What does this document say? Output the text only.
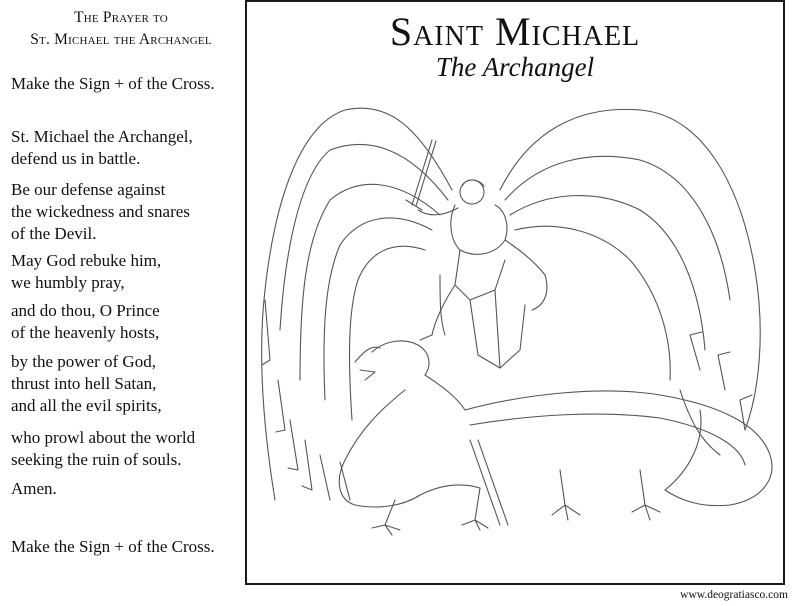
The Prayer to
St. Michael the Archangel
Make the Sign + of the Cross.
St. Michael the Archangel,
defend us in battle.
Be our defense against
the wickedness and snares
of the Devil.
May God rebuke him,
we humbly pray,
and do thou, O Prince
of the heavenly hosts,
by the power of God,
thrust into hell Satan,
and all the evil spirits,
who prowl about the world
seeking the ruin of souls.
Amen.
Make the Sign + of the Cross.
Saint Michael
The Archangel
www.deogratiasco.com
